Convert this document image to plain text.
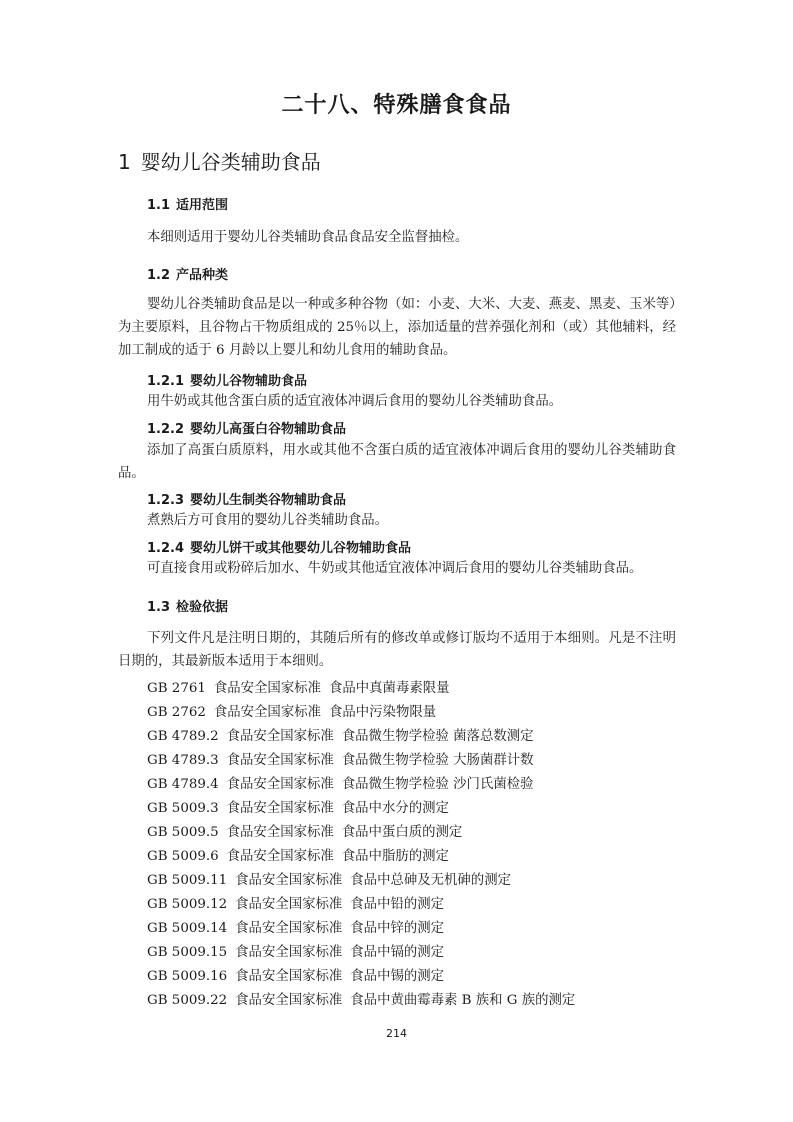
二十八、特殊膳食食品
1 婴幼儿谷类辅助食品
1.1 适用范围
本细则适用于婴幼儿谷类辅助食品食品安全监督抽检。
1.2 产品种类
婴幼儿谷类辅助食品是以一种或多种谷物（如：小麦、大米、大麦、燕麦、黑麦、玉米等）为主要原料，且谷物占干物质组成的 25％以上，添加适量的营养强化剂和（或）其他辅料，经加工制成的适于 6 月龄以上婴儿和幼儿食用的辅助食品。
1.2.1 婴幼儿谷物辅助食品
用牛奶或其他含蛋白质的适宜液体冲调后食用的婴幼儿谷类辅助食品。
1.2.2 婴幼儿高蛋白谷物辅助食品
添加了高蛋白质原料，用水或其他不含蛋白质的适宜液体冲调后食用的婴幼儿谷类辅助食品。
1.2.3 婴幼儿生制类谷物辅助食品
煮熟后方可食用的婴幼儿谷类辅助食品。
1.2.4 婴幼儿饼干或其他婴幼儿谷物辅助食品
可直接食用或粉碎后加水、牛奶或其他适宜液体冲调后食用的婴幼儿谷类辅助食品。
1.3 检验依据
下列文件凡是注明日期的，其随后所有的修改单或修订版均不适用于本细则。凡是不注明日期的，其最新版本适用于本细则。
GB 2761 食品安全国家标准 食品中真菌毒素限量
GB 2762 食品安全国家标准 食品中污染物限量
GB 4789.2 食品安全国家标准 食品微生物学检验 菌落总数测定
GB 4789.3 食品安全国家标准 食品微生物学检验 大肠菌群计数
GB 4789.4 食品安全国家标准 食品微生物学检验 沙门氏菌检验
GB 5009.3 食品安全国家标准 食品中水分的测定
GB 5009.5 食品安全国家标准 食品中蛋白质的测定
GB 5009.6 食品安全国家标准 食品中脂肪的测定
GB 5009.11 食品安全国家标准 食品中总砷及无机砷的测定
GB 5009.12 食品安全国家标准 食品中铅的测定
GB 5009.14 食品安全国家标准 食品中锌的测定
GB 5009.15 食品安全国家标准 食品中镉的测定
GB 5009.16 食品安全国家标准 食品中锡的测定
GB 5009.22 食品安全国家标准 食品中黄曲霉毒素 B 族和 G 族的测定
214
